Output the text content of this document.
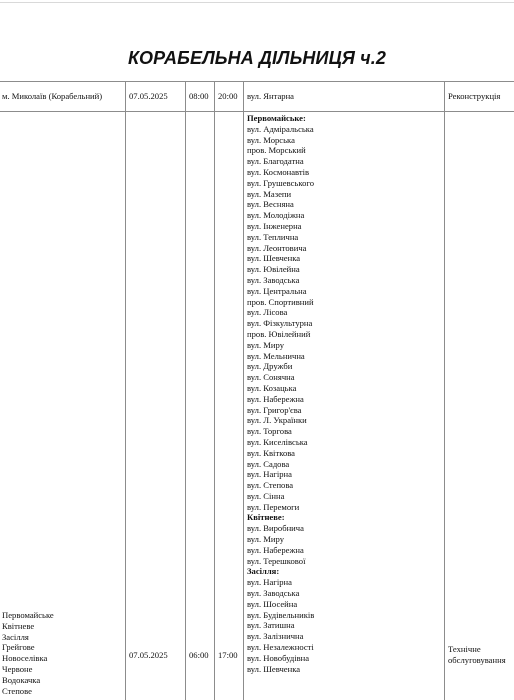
КОРАБЕЛЬНА ДІЛЬНИЦЯ ч.2
м. Миколаїв (Корабельний)	07.05.2025 08:00 20:00 вул. Янтарна	Реконструкція
Первомайське
Квітневе
Засілля
Грейгове
Новоселівка
Червоне
Водокачка
Степове
07.05.2025 06:00 17:00
Первомайське:
вул. Адміральська
вул. Морська
пров. Морський
вул. Благодатна
вул. Космонавтів
вул. Грушевського
вул. Мазепи
вул. Весняна
вул. Молодіжна
вул. Інженерна
вул. Теплична
вул. Леонтовича
вул. Шевченка
вул. Ювілейна
вул. Заводська
вул. Центральна
пров. Спортивний
вул. Лісова
вул. Фізкультурна
пров. Ювілейний
вул. Миру
вул. Мельнична
вул. Дружби
вул. Сонячна
вул. Козацька
вул. Набережна
вул. Григор'єва
вул. Л. Українки
вул. Торгова
вул. Киселівська
вул. Квіткова
вул. Садова
вул. Нагірна
вул. Степова
вул. Сінна
вул. Перемоги
Квітневе:
вул. Виробнича
вул. Миру
вул. Набережна
вул. Терешкової
Засілля:
вул. Нагірна
вул. Заводська
вул. Шосейна
вул. Будівельників
вул. Затишна
вул. Залізнична
вул. Незалежності
вул. Новобудівна
вул. Шевченка
Технічне
обслуговування
